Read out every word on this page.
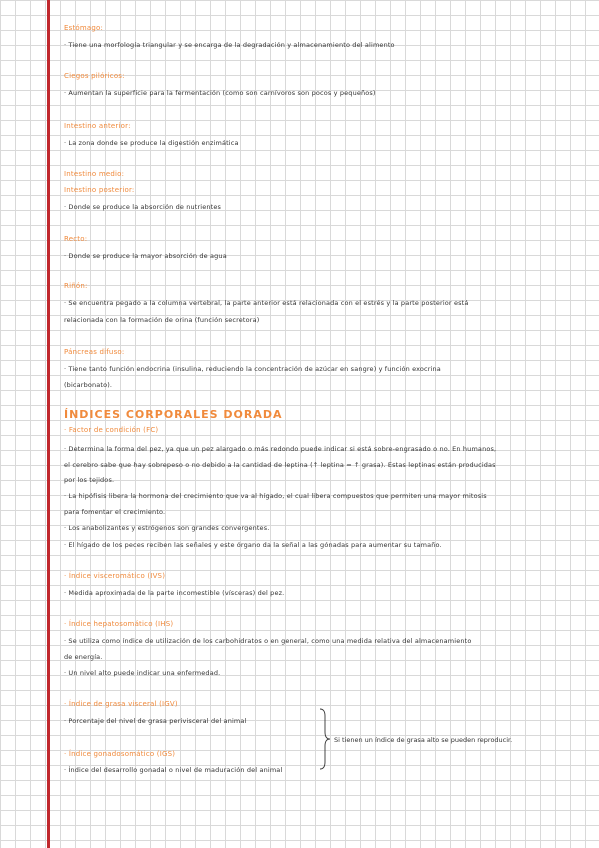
Estómago:
· Tiene una morfología triangular y se encarga de la degradación y almacenamiento del alimento
Ciegos pilóricos:
· Aumentan la superficie para la fermentación (como son carnívoros son pocos y pequeños)
Intestino anterior:
· La zona donde se produce la digestión enzimática
Intestino medio:
Intestino posterior:
· Donde se produce la absorción de nutrientes
Recto:
· Donde se produce la mayor absorción de agua
Riñón:
· Se encuentra pegado a la columna vertebral, la parte anterior está relacionada con el estrés y la parte posterior está
relacionada con la formación de orina (función secretora)
Páncreas difuso:
· Tiene tanto función endocrina (insulina, reduciendo la concentración de azúcar en sangre) y función exocrina
(bicarbonato).
ÍNDICES CORPORALES DORADA
· Factor de condición (FC)
· Determina la forma del pez, ya que un pez alargado o más redondo puede indicar si está sobre-engrasado o no. En humanos,
el cerebro sabe que hay sobrepeso o no debido a la cantidad de leptina (↑ leptina = ↑ grasa). Estas leptinas están producidas
por los tejidos.
· La hipófisis libera la hormona del crecimiento que va al hígado, el cual libera compuestos que permiten una mayor mitosis
para fomentar el crecimiento.
· Los anabolizantes y estrógenos son grandes convergentes.
· El hígado de los peces reciben las señales y este órgano da la señal a las gónadas para aumentar su tamaño.
· Índice visceromático (IVS)
· Medida aproximada de la parte incomestible (vísceras) del pez.
· Índice hepatosomático (IHS)
· Se utiliza como índice de utilización de los carbohidratos o en general, como una medida relativa del almacenamiento
de energía.
· Un nivel alto puede indicar una enfermedad.
· Índice de grasa visceral (IGV)
· Porcentaje del nivel de grasa perivisceral del animal
· Índice gonadosomático (IGS)
· Índice del desarrollo gonadal o nivel de maduración del animal
Si tienen un índice de grasa alto se pueden reproducir.
